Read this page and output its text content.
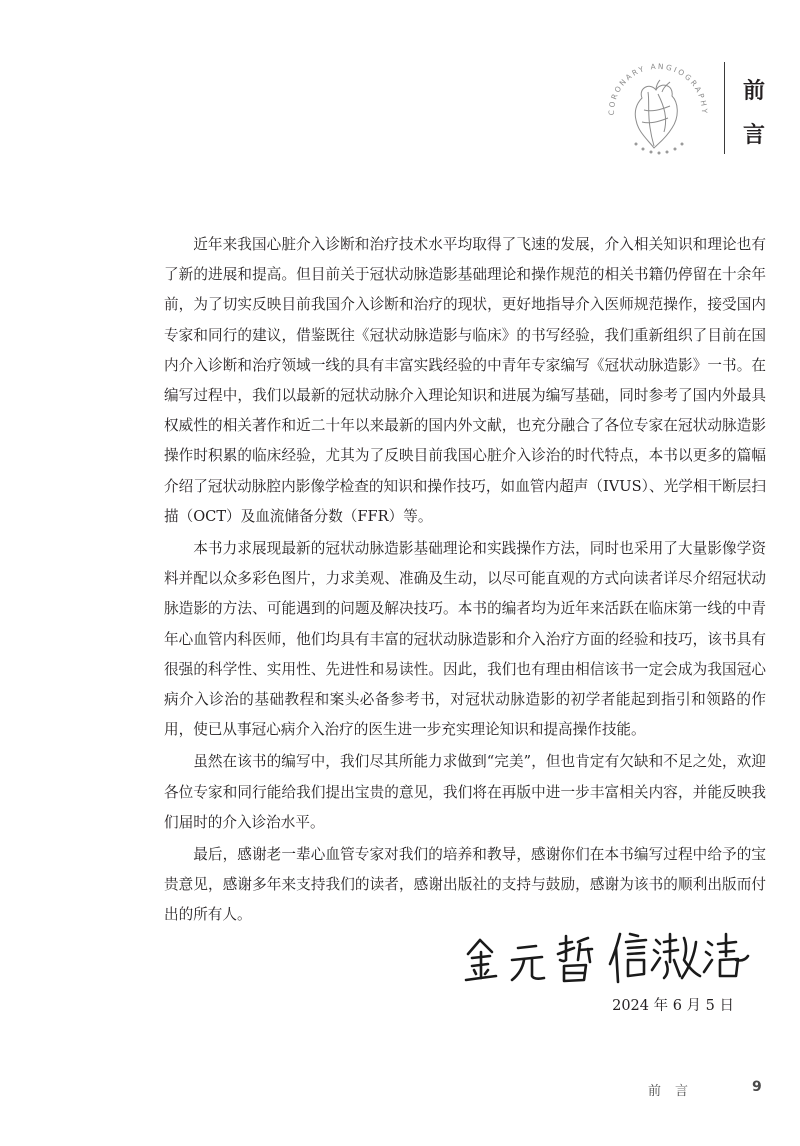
CORONARY ANGIOGRAPHY
前
言

近年来我国心脏介入诊断和治疗技术水平均取得了飞速的发展，介入相关知识和理论也有了新的进展和提高。但目前关于冠状动脉造影基础理论和操作规范的相关书籍仍停留在十余年前，为了切实反映目前我国介入诊断和治疗的现状，更好地指导介入医师规范操作，接受国内专家和同行的建议，借鉴既往《冠状动脉造影与临床》的书写经验，我们重新组织了目前在国内介入诊断和治疗领域一线的具有丰富实践经验的中青年专家编写《冠状动脉造影》一书。在编写过程中，我们以最新的冠状动脉介入理论知识和进展为编写基础，同时参考了国内外最具权威性的相关著作和近二十年以来最新的国内外文献，也充分融合了各位专家在冠状动脉造影操作时积累的临床经验，尤其为了反映目前我国心脏介入诊治的时代特点，本书以更多的篇幅介绍了冠状动脉腔内影像学检查的知识和操作技巧，如血管内超声（IVUS）、光学相干断层扫描（OCT）及血流储备分数（FFR）等。

本书力求展现最新的冠状动脉造影基础理论和实践操作方法，同时也采用了大量影像学资料并配以众多彩色图片，力求美观、准确及生动，以尽可能直观的方式向读者详尽介绍冠状动脉造影的方法、可能遇到的问题及解决技巧。本书的编者均为近年来活跃在临床第一线的中青年心血管内科医师，他们均具有丰富的冠状动脉造影和介入治疗方面的经验和技巧，该书具有很强的科学性、实用性、先进性和易读性。因此，我们也有理由相信该书一定会成为我国冠心病介入诊治的基础教程和案头必备参考书，对冠状动脉造影的初学者能起到指引和领路的作用，使已从事冠心病介入治疗的医生进一步充实理论知识和提高操作技能。

虽然在该书的编写中，我们尽其所能力求做到“完美”，但也肯定有欠缺和不足之处，欢迎各位专家和同行能给我们提出宝贵的意见，我们将在再版中进一步丰富相关内容，并能反映我们届时的介入诊治水平。

最后，感谢老一辈心血管专家对我们的培养和教导，感谢你们在本书编写过程中给予的宝贵意见，感谢多年来支持我们的读者，感谢出版社的支持与鼓励，感谢为该书的顺利出版而付出的所有人。

2024 年 6 月 5 日
前言	9
